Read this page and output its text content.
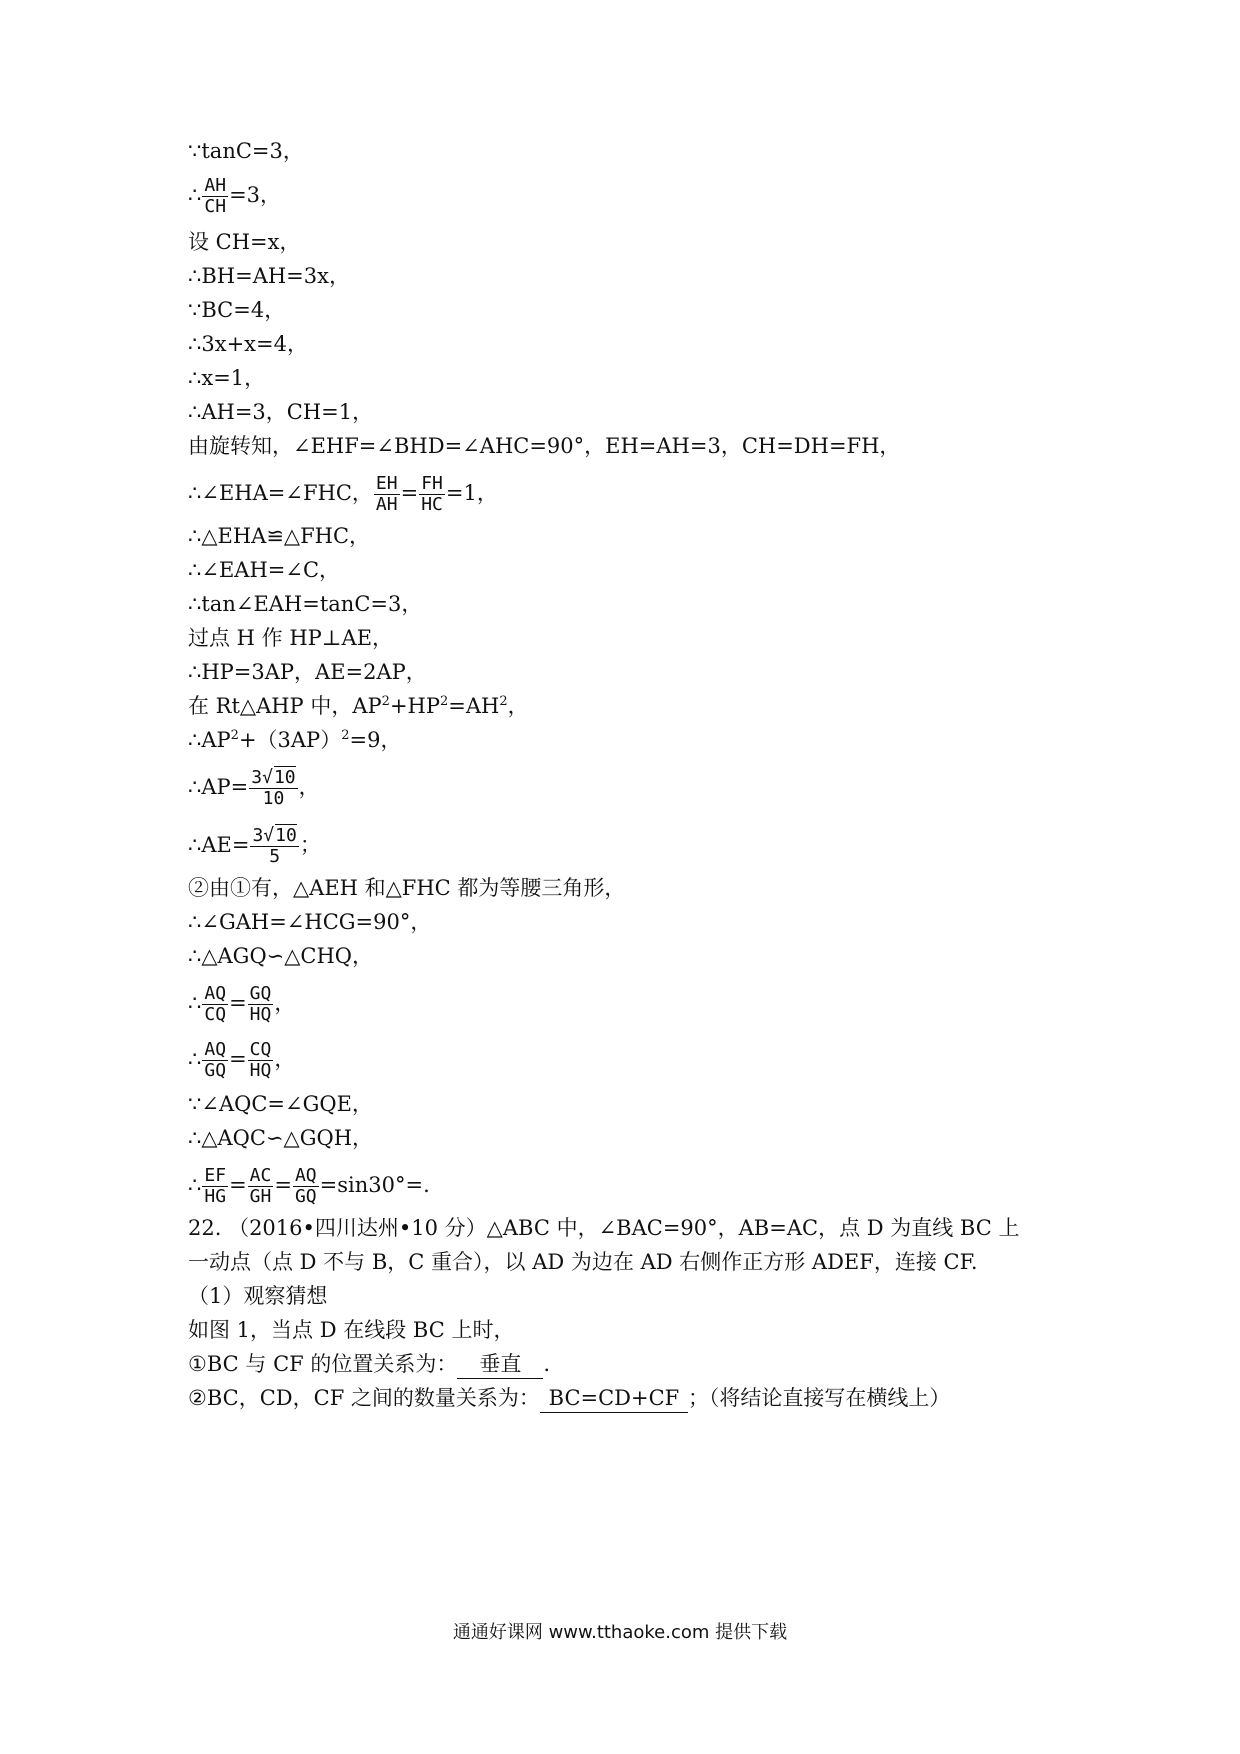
∵tanC=3，
∴ $\frac{AH}{CH} =3$，
设 CH=x，
∴BH=AH=3x，
∵BC=4，
∴3x+x=4，
∴x=1，
∴AH=3，CH=1，
由旋转知，∠EHF=∠BHD=∠AHC=90°，EH=AH=3，CH=DH=FH，
∴∠EHA=∠FHC， $\frac{EH}{AH} = \frac{FH}{HC} =1$，
∴△EHA≌△FHC，
∴∠EAH=∠C，
∴tan∠EAH=tanC=3，
过点 H 作 HP⊥AE，
∴HP=3AP，AE=2AP，
在 Rt△AHP 中，$AP^2+HP^2=AH^2$，
$\therefore AP^2+(3AP)^2=9$，
∴AP= $\frac{3√10}{10}$ ，
∴AE= $\frac{3√10}{5}$ ；
②由①有，△AEH 和△FHC 都为等腰三角形，
∴∠GAH=∠HCG=90°，
∴△AGQ∽△CHQ，
∴ $\frac{AQ}{CQ} = \frac{GQ}{HQ}$ ，
∴ $\frac{AQ}{GQ} = \frac{CQ}{HQ}$ ，
∵∠AQC=∠GQE，
∴△AQC∽△GQH，
∴ $\frac{EF}{HG} = \frac{AC}{GH} = \frac{AQ}{GQ} =\sin 30^\circ=$.
22. （2016•四川达州•10 分）△ABC 中，∠BAC=90°，AB=AC，点 D 为直线 BC 上
一动点（点 D 不与 B，C 重合），以 AD 为边在 AD 右侧作正方形 ADEF，连接 CF.
（1）观察猜想
如图 1，当点 D 在线段 BC 上时，
①BC 与 CF 的位置关系为： 垂直 .
②BC，CD，CF 之间的数量关系为： BC=CD+CF ；（将结论直接写在横线上）
通通好课网 www.tthaoke.com 提供下载
